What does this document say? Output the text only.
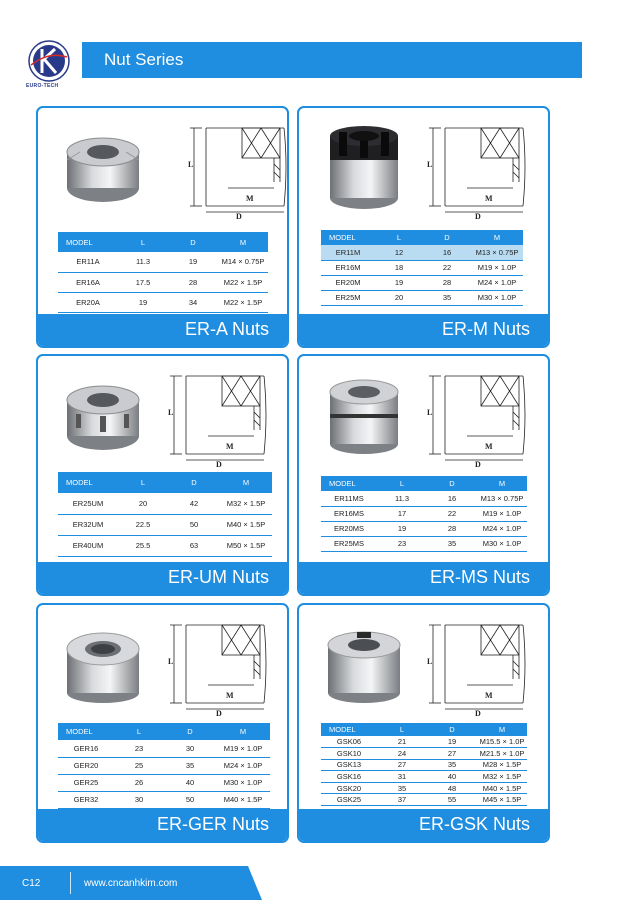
EURO-TECH
Nut Series
L
M
D
MODEL	L	D	M
ER11A	11.3	19	M14 × 0.75P
ER16A	17.5	28	M22 × 1.5P
ER20A	19	34	M22 × 1.5P
ER-A Nuts
L
M
D
MODEL	L	D	M
ER11M	12	16	M13 × 0.75P
ER16M	18	22	M19 × 1.0P
ER20M	19	28	M24 × 1.0P
ER25M	20	35	M30 × 1.0P
ER-M Nuts
L
M
D
MODEL	L	D	M
ER25UM	20	42	M32 × 1.5P
ER32UM	22.5	50	M40 × 1.5P
ER40UM	25.5	63	M50 × 1.5P
ER-UM Nuts
L
M
D
MODEL	L	D	M
ER11MS	11.3	16	M13 × 0.75P
ER16MS	17	22	M19 × 1.0P
ER20MS	19	28	M24 × 1.0P
ER25MS	23	35	M30 × 1.0P
ER-MS Nuts
L
M
D
MODEL	L	D	M
GER16	23	30	M19 × 1.0P
GER20	25	35	M24 × 1.0P
GER25	26	40	M30 × 1.0P
GER32	30	50	M40 × 1.5P
ER-GER Nuts
L
M
D
MODEL	L	D	M
GSK06	21	19	M15.5 × 1.0P
GSK10	24	27	M21.5 × 1.0P
GSK13	27	35	M28 × 1.5P
GSK16	31	40	M32 × 1.5P
GSK20	35	48	M40 × 1.5P
GSK25	37	55	M45 × 1.5P
ER-GSK Nuts
C12	www.cncanhkim.com
